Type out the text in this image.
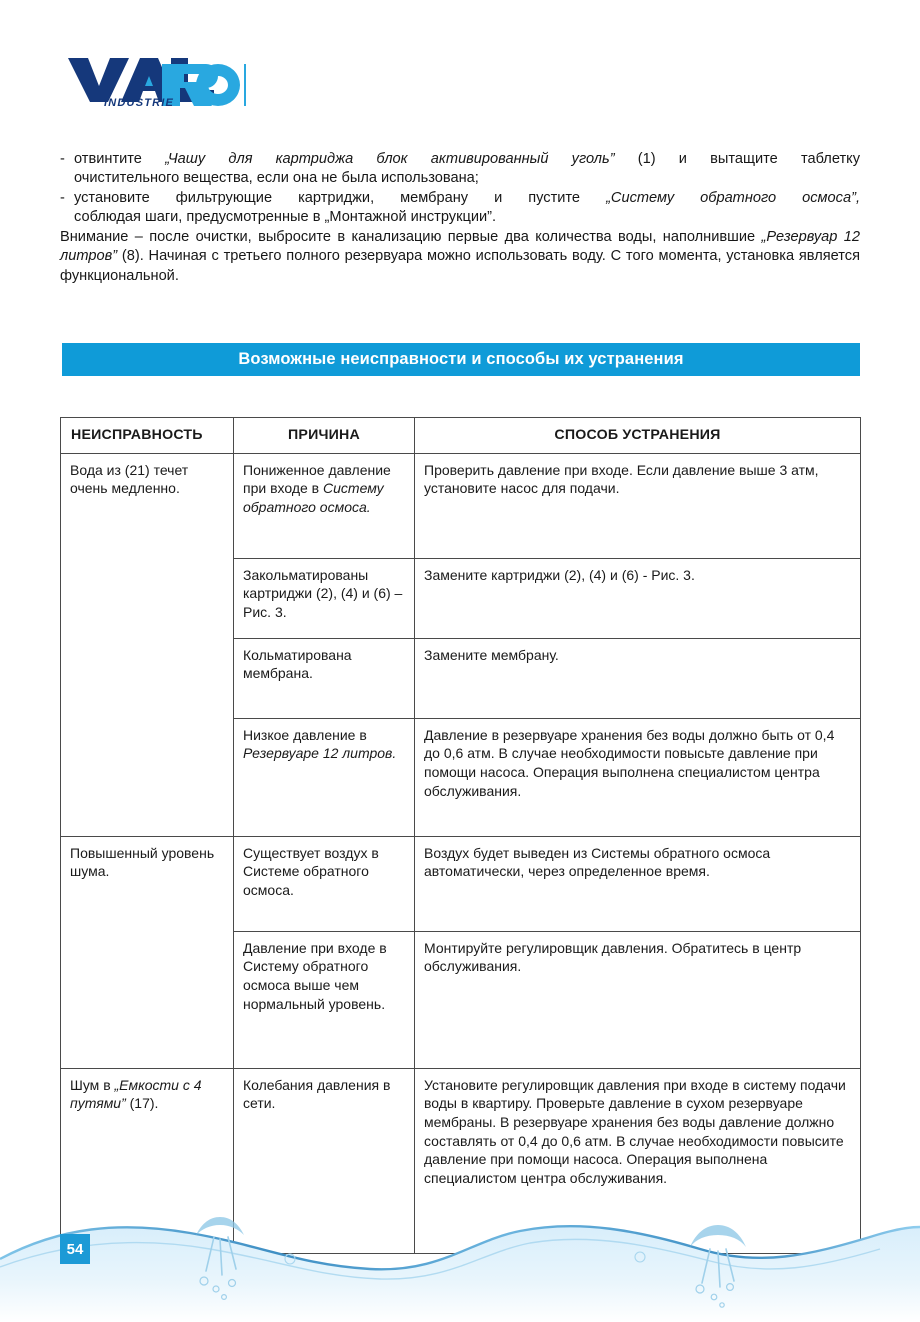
INDUSTRIE
- отвинтите „Чашу для картриджа блок активированный уголь” (1) и вытащите таблетку
очистительного вещества, если она не была использована;
- установите фильтрующие картриджи, мембрану и пустите „Систему обратного осмоса”,
соблюдая шаги, предусмотренные в „Монтажной инструкции”.
Внимание – после очистки, выбросите в канализацию первые два количества воды, наполнившие „Резервуар 12 литров” (8). Начиная с третьего полного резервуара можно использовать воду. С того момента, установка является функциональной.
Возможные неисправности и способы их устранения
НЕИСПРАВНОСТЬ	ПРИЧИНА	СПОСОБ УСТРАНЕНИЯ
Вода из (21) течет очень медленно.	Пониженное давление при входе в Систему обратного осмоса.	Проверить давление при входе. Если давление выше 3 атм, установите насос для подачи.
	Закольматированы картриджи (2), (4) и (6) – Рис. 3.	Замените картриджи (2), (4) и (6) - Рис. 3.
	Кольматирована мембрана.	Замените мембрану.
	Низкое давление в Резервуаре 12 литров.	Давление в резервуаре хранения без воды должно быть от 0,4 до 0,6 атм. В случае необходимости повысьте давление при помощи насоса. Операция выполнена специалистом центра обслуживания.
Повышенный уровень шума.	Существует воздух в Системе обратного осмоса.	Воздух будет выведен из Системы обратного осмоса автоматически, через определенное время.
	Давление при входе в Систему обратного осмоса выше чем нормальный уровень.	Монтируйте регулировщик давления. Обратитесь в центр обслуживания.
Шум в „Емкости с 4 путями” (17).	Колебания давления в сети.	Установите регулировщик давления при входе в систему подачи воды в квартиру. Проверьте давление в сухом резервуаре мембраны. В резервуаре хранения без воды давление должно составлять от 0,4 до 0,6 атм. В случае необходимости повысите давление при помощи насоса. Операция выполнена специалистом центра обслуживания.
54
